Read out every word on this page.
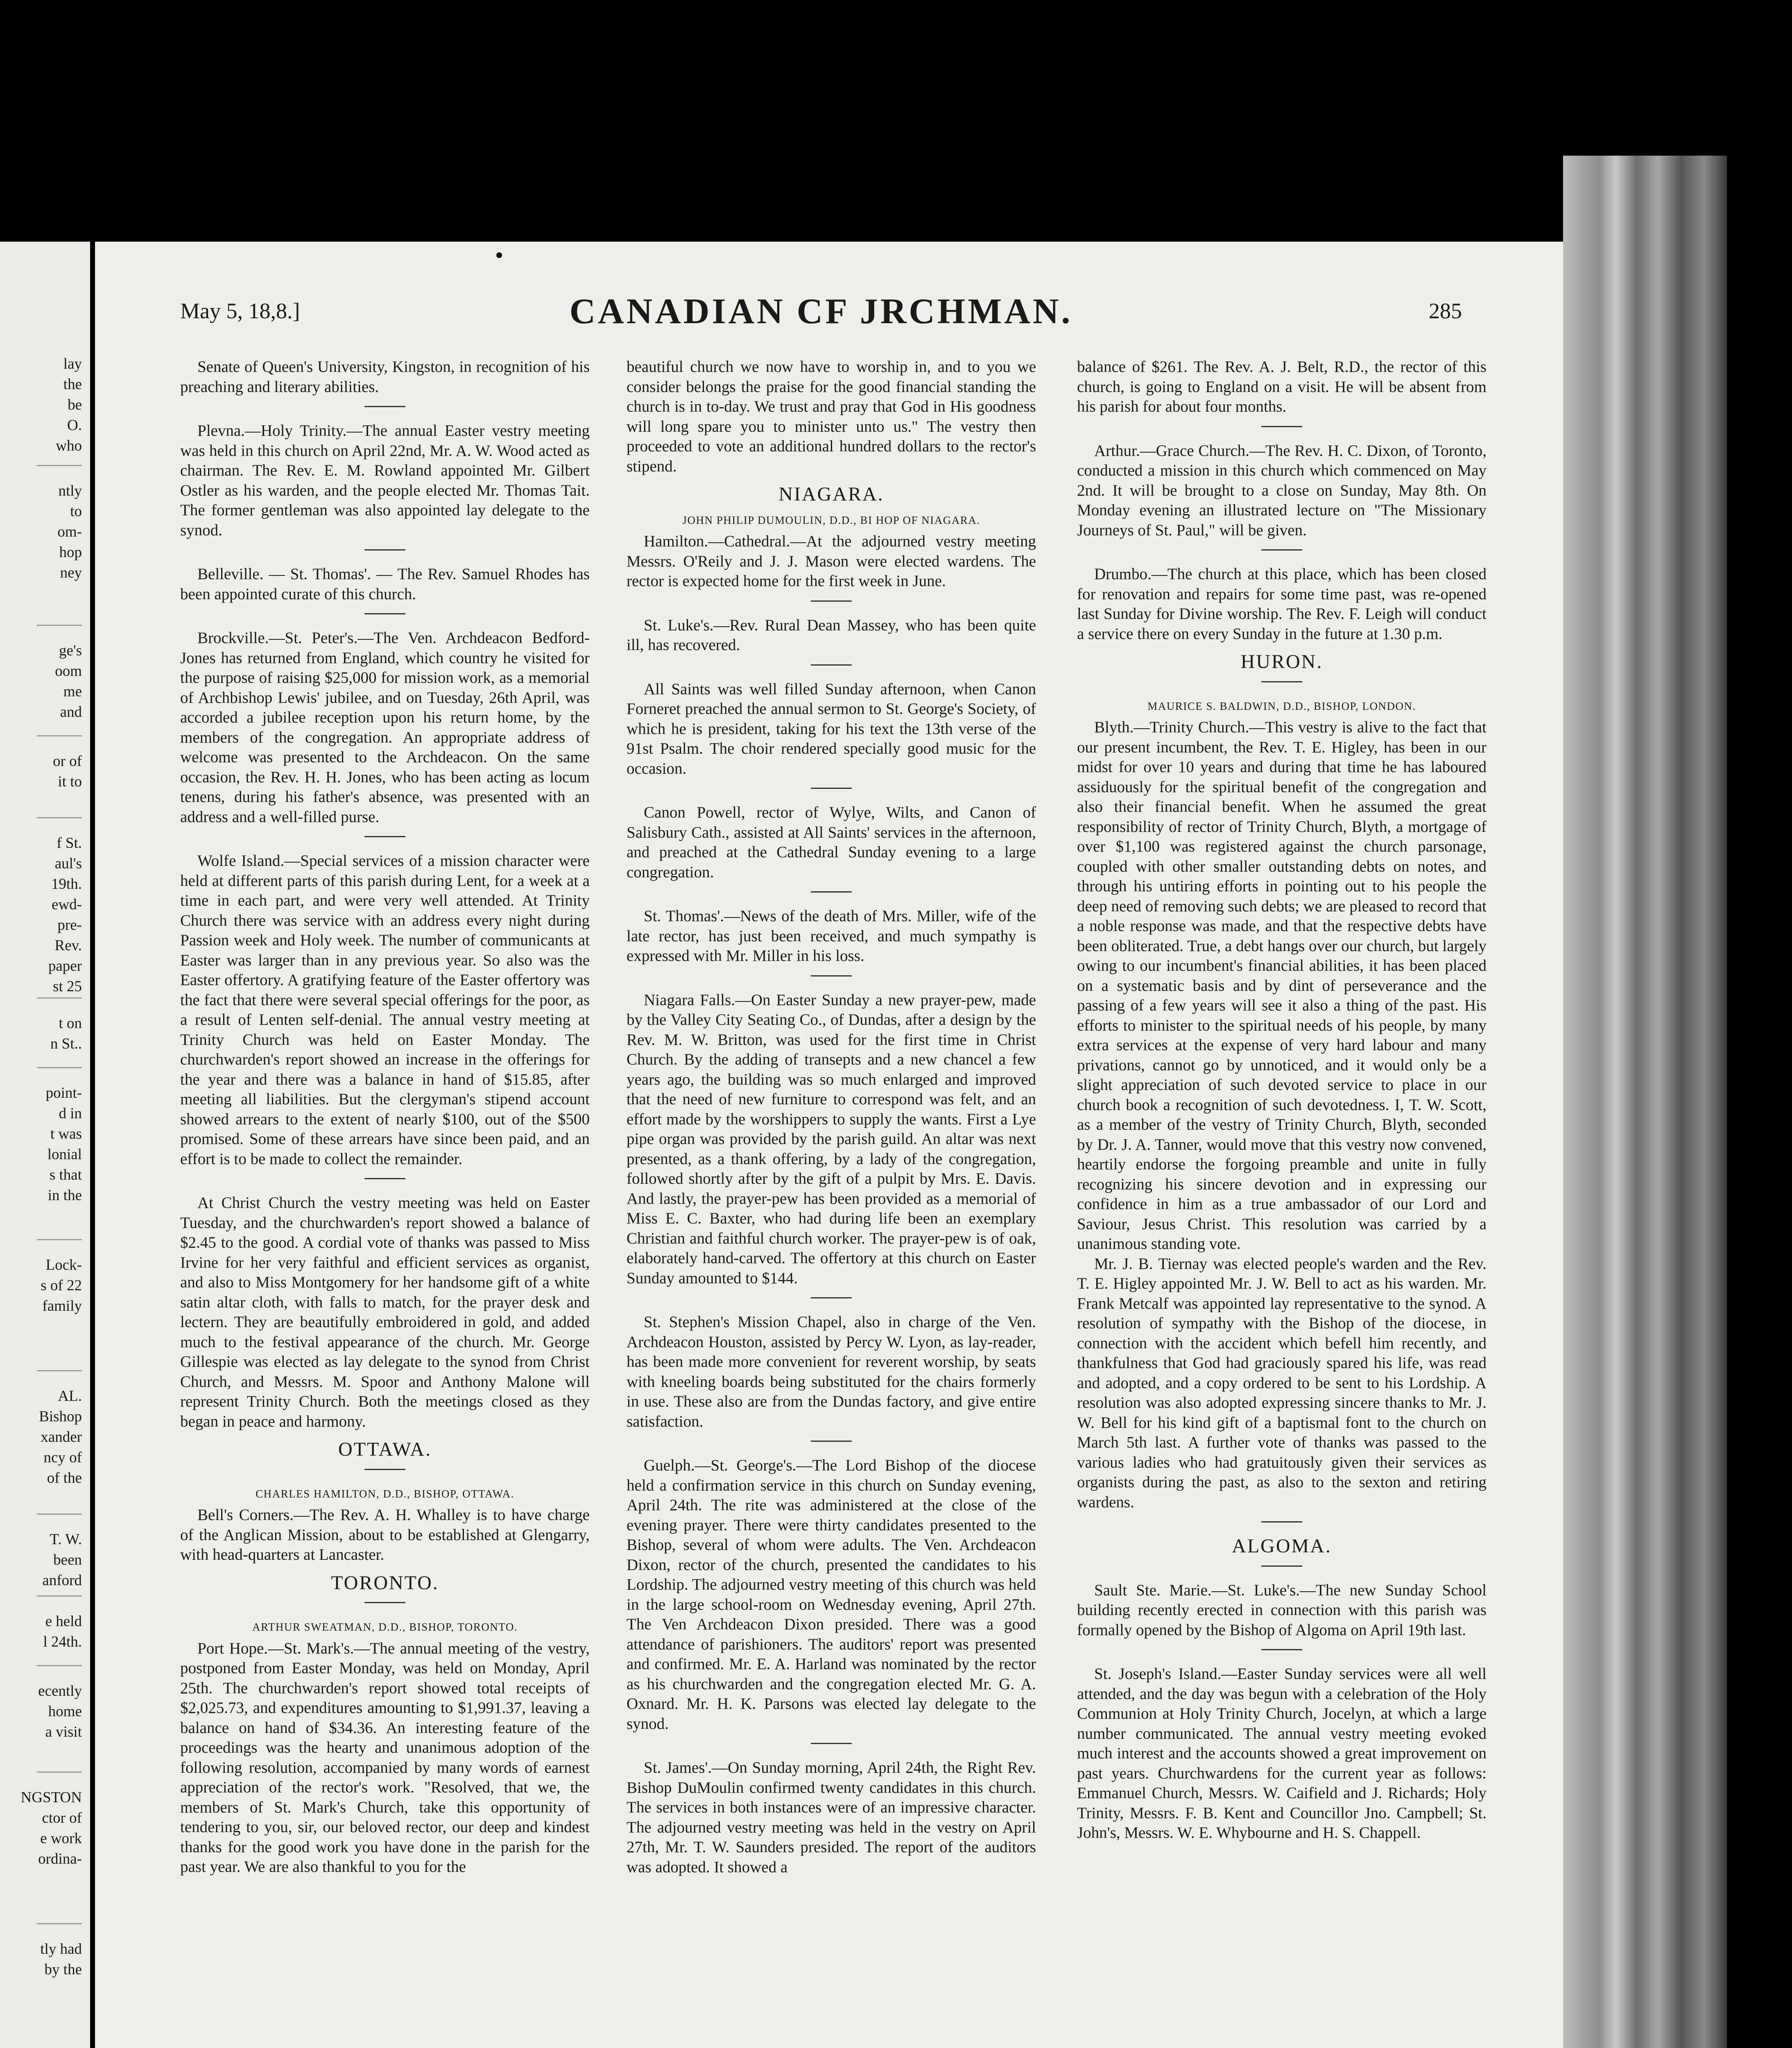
lay
the
be
O.
who
ntly
to
om-
hop
ney
ge's
oom
me
and
or of
it to
f St.
aul's
19th.
ewd-
pre-
Rev.
paper
st 25
t on
n St..
point-
d in
t was
lonial
s that
in the
Lock-
s of 22
family
AL.
Bishop
xander
ncy of
of the
T. W.
been
anford
e held
l 24th.
ecently
home
a visit
NGSTON
ctor of
e work
ordina-
tly had
by the
May 5, 18,8.]	CANADIAN CF JRCHMAN.	285

Senate of Queen's University, Kingston, in recognition of his preaching and literary abilities.

Plevna.—Holy Trinity.—The annual Easter vestry meeting was held in this church on April 22nd, Mr. A. W. Wood acted as chairman. The Rev. E. M. Rowland appointed Mr. Gilbert Ostler as his warden, and the people elected Mr. Thomas Tait. The former gentleman was also appointed lay delegate to the synod.

Belleville. — St. Thomas'. — The Rev. Samuel Rhodes has been appointed curate of this church.

Brockville.—St. Peter's.—The Ven. Archdeacon Bedford-Jones has returned from England, which country he visited for the purpose of raising $25,000 for mission work, as a memorial of Archbishop Lewis' jubilee, and on Tuesday, 26th April, was accorded a jubilee reception upon his return home, by the members of the congregation. An appropriate address of welcome was presented to the Archdeacon. On the same occasion, the Rev. H. H. Jones, who has been acting as locum tenens, during his father's absence, was presented with an address and a well-filled purse.

Wolfe Island.—Special services of a mission character were held at different parts of this parish during Lent, for a week at a time in each part, and were very well attended. At Trinity Church there was service with an address every night during Passion week and Holy week. The number of communicants at Easter was larger than in any previous year. So also was the Easter offertory. A gratifying feature of the Easter offertory was the fact that there were several special offerings for the poor, as a result of Lenten self-denial. The annual vestry meeting at Trinity Church was held on Easter Monday. The churchwarden's report showed an increase in the offerings for the year and there was a balance in hand of $15.85, after meeting all liabilities. But the clergyman's stipend account showed arrears to the extent of nearly $100, out of the $500 promised. Some of these arrears have since been paid, and an effort is to be made to collect the remainder.

At Christ Church the vestry meeting was held on Easter Tuesday, and the churchwarden's report showed a balance of $2.45 to the good. A cordial vote of thanks was passed to Miss Irvine for her very faithful and efficient services as organist, and also to Miss Montgomery for her handsome gift of a white satin altar cloth, with falls to match, for the prayer desk and lectern. They are beautifully embroidered in gold, and added much to the festival appearance of the church. Mr. George Gillespie was elected as lay delegate to the synod from Christ Church, and Messrs. M. Spoor and Anthony Malone will represent Trinity Church. Both the meetings closed as they began in peace and harmony.

OTTAWA.
CHARLES HAMILTON, D.D., BISHOP, OTTAWA.

Bell's Corners.—The Rev. A. H. Whalley is to have charge of the Anglican Mission, about to be established at Glengarry, with head-quarters at Lancaster.

TORONTO.
ARTHUR SWEATMAN, D.D., BISHOP, TORONTO.

Port Hope.—St. Mark's.—The annual meeting of the vestry, postponed from Easter Monday, was held on Monday, April 25th. The churchwarden's report showed total receipts of $2,025.73, and expenditures amounting to $1,991.37, leaving a balance on hand of $34.36. An interesting feature of the proceedings was the hearty and unanimous adoption of the following resolution, accompanied by many words of earnest appreciation of the rector's work. "Resolved, that we, the members of St. Mark's Church, take this opportunity of tendering to you, sir, our beloved rector, our deep and kindest thanks for the good work you have done in the parish for the past year. We are also thankful to you for the

beautiful church we now have to worship in, and to you we consider belongs the praise for the good financial standing the church is in to-day. We trust and pray that God in His goodness will long spare you to minister unto us." The vestry then proceeded to vote an additional hundred dollars to the rector's stipend.

NIAGARA.
JOHN PHILIP DUMOULIN, D.D., BI HOP OF NIAGARA.

Hamilton.—Cathedral.—At the adjourned vestry meeting Messrs. O'Reily and J. J. Mason were elected wardens. The rector is expected home for the first week in June.

St. Luke's.—Rev. Rural Dean Massey, who has been quite ill, has recovered.

All Saints was well filled Sunday afternoon, when Canon Forneret preached the annual sermon to St. George's Society, of which he is president, taking for his text the 13th verse of the 91st Psalm. The choir rendered specially good music for the occasion.

Canon Powell, rector of Wylye, Wilts, and Canon of Salisbury Cath., assisted at All Saints' services in the afternoon, and preached at the Cathedral Sunday evening to a large congregation.

St. Thomas'.—News of the death of Mrs. Miller, wife of the late rector, has just been received, and much sympathy is expressed with Mr. Miller in his loss.

Niagara Falls.—On Easter Sunday a new prayer-pew, made by the Valley City Seating Co., of Dundas, after a design by the Rev. M. W. Britton, was used for the first time in Christ Church. By the adding of transepts and a new chancel a few years ago, the building was so much enlarged and improved that the need of new furniture to correspond was felt, and an effort made by the worshippers to supply the wants. First a Lye pipe organ was provided by the parish guild. An altar was next presented, as a thank offering, by a lady of the congregation, followed shortly after by the gift of a pulpit by Mrs. E. Davis. And lastly, the prayer-pew has been provided as a memorial of Miss E. C. Baxter, who had during life been an exemplary Christian and faithful church worker. The prayer-pew is of oak, elaborately hand-carved. The offertory at this church on Easter Sunday amounted to $144.

St. Stephen's Mission Chapel, also in charge of the Ven. Archdeacon Houston, assisted by Percy W. Lyon, as lay-reader, has been made more convenient for reverent worship, by seats with kneeling boards being substituted for the chairs formerly in use. These also are from the Dundas factory, and give entire satisfaction.

Guelph.—St. George's.—The Lord Bishop of the diocese held a confirmation service in this church on Sunday evening, April 24th. The rite was administered at the close of the evening prayer. There were thirty candidates presented to the Bishop, several of whom were adults. The Ven. Archdeacon Dixon, rector of the church, presented the candidates to his Lordship. The adjourned vestry meeting of this church was held in the large school-room on Wednesday evening, April 27th. The Ven Archdeacon Dixon presided. There was a good attendance of parishioners. The auditors' report was presented and confirmed. Mr. E. A. Harland was nominated by the rector as his churchwarden and the congregation elected Mr. G. A. Oxnard. Mr. H. K. Parsons was elected lay delegate to the synod.

St. James'.—On Sunday morning, April 24th, the Right Rev. Bishop DuMoulin confirmed twenty candidates in this church. The services in both instances were of an impressive character. The adjourned vestry meeting was held in the vestry on April 27th, Mr. T. W. Saunders presided. The report of the auditors was adopted. It showed a

balance of $261. The Rev. A. J. Belt, R.D., the rector of this church, is going to England on a visit. He will be absent from his parish for about four months.

Arthur.—Grace Church.—The Rev. H. C. Dixon, of Toronto, conducted a mission in this church which commenced on May 2nd. It will be brought to a close on Sunday, May 8th. On Monday evening an illustrated lecture on "The Missionary Journeys of St. Paul," will be given.

Drumbo.—The church at this place, which has been closed for renovation and repairs for some time past, was re-opened last Sunday for Divine worship. The Rev. F. Leigh will conduct a service there on every Sunday in the future at 1.30 p.m.

HURON.
MAURICE S. BALDWIN, D.D., BISHOP, LONDON.

Blyth.—Trinity Church.—This vestry is alive to the fact that our present incumbent, the Rev. T. E. Higley, has been in our midst for over 10 years and during that time he has laboured assiduously for the spiritual benefit of the congregation and also their financial benefit. When he assumed the great responsibility of rector of Trinity Church, Blyth, a mortgage of over $1,100 was registered against the church parsonage, coupled with other smaller outstanding debts on notes, and through his untiring efforts in pointing out to his people the deep need of removing such debts; we are pleased to record that a noble response was made, and that the respective debts have been obliterated. True, a debt hangs over our church, but largely owing to our incumbent's financial abilities, it has been placed on a systematic basis and by dint of perseverance and the passing of a few years will see it also a thing of the past. His efforts to minister to the spiritual needs of his people, by many extra services at the expense of very hard labour and many privations, cannot go by unnoticed, and it would only be a slight appreciation of such devoted service to place in our church book a recognition of such devotedness. I, T. W. Scott, as a member of the vestry of Trinity Church, Blyth, seconded by Dr. J. A. Tanner, would move that this vestry now convened, heartily endorse the forgoing preamble and unite in fully recognizing his sincere devotion and in expressing our confidence in him as a true ambassador of our Lord and Saviour, Jesus Christ. This resolution was carried by a unanimous standing vote.

Mr. J. B. Tiernay was elected people's warden and the Rev. T. E. Higley appointed Mr. J. W. Bell to act as his warden. Mr. Frank Metcalf was appointed lay representative to the synod. A resolution of sympathy with the Bishop of the diocese, in connection with the accident which befell him recently, and thankfulness that God had graciously spared his life, was read and adopted, and a copy ordered to be sent to his Lordship. A resolution was also adopted expressing sincere thanks to Mr. J. W. Bell for his kind gift of a baptismal font to the church on March 5th last. A further vote of thanks was passed to the various ladies who had gratuitously given their services as organists during the past, as also to the sexton and retiring wardens.

ALGOMA.

Sault Ste. Marie.—St. Luke's.—The new Sunday School building recently erected in connection with this parish was formally opened by the Bishop of Algoma on April 19th last.

St. Joseph's Island.—Easter Sunday services were all well attended, and the day was begun with a celebration of the Holy Communion at Holy Trinity Church, Jocelyn, at which a large number communicated. The annual vestry meeting evoked much interest and the accounts showed a great improvement on past years. Churchwardens for the current year as follows: Emmanuel Church, Messrs. W. Caifield and J. Richards; Holy Trinity, Messrs. F. B. Kent and Councillor Jno. Campbell; St. John's, Messrs. W. E. Whybourne and H. S. Chappell.
